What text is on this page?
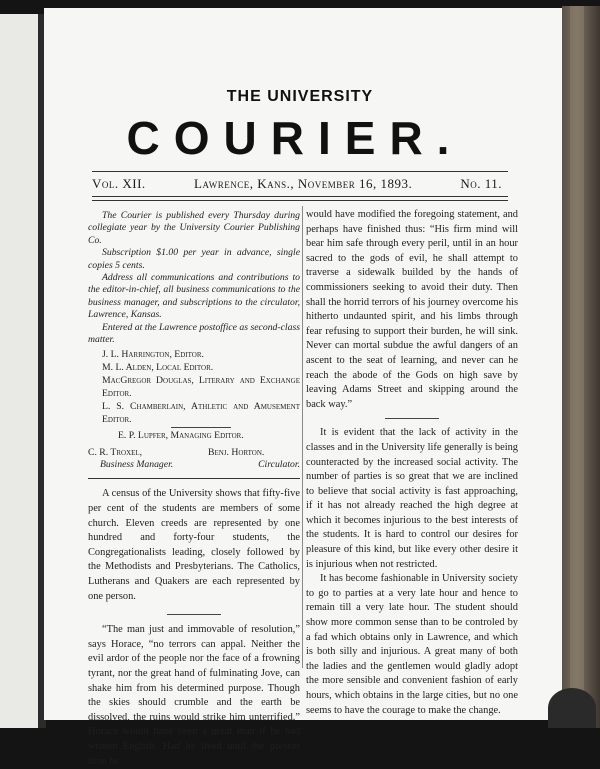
THE UNIVERSITY
COURIER.
Vol. XII.	Lawrence, Kans., November 16, 1893.	No. 11.

The Courier is published every Thursday during collegiate year by the University Courier Publishing Co.

Subscription $1.00 per year in advance, single copies 5 cents.

Address all communications and contributions to the editor-in-chief, all business communications to the business manager, and subscriptions to the circulator, Lawrence, Kansas.

Entered at the Lawrence postoffice as second-class matter.

J. L. Harrington, Editor.

M. L. Alden, Local Editor.

MacGregor Douglas, Literary and Exchange Editor.

L. S. Chamberlain, Athletic and Amusement Editor.

E. P. Lupfer, Managing Editor.

C. R. Troxel,
Business Manager.
Benj. Horton.
Circulator.

A census of the University shows that fifty-five per cent of the students are members of some church. Eleven creeds are represented by one hundred and forty-four students, the Congregationalists leading, closely followed by the Methodists and Presbyterians. The Catholics, Lutherans and Quakers are each represented by one person.

“The man just and immovable of resolution,” says Horace, “no terrors can appal. Neither the evil ardor of the people nor the face of a frowning tyrant, nor the great hand of fulminating Jove, can shake him from his determined purpose. Though the skies should crumble and the earth be dissolved, the ruins would strike him unterrified.” Horace would have been a great man if he had written English. Had he lived until the present time he

would have modified the foregoing statement, and perhaps have finished thus: “His firm mind will bear him safe through every peril, until in an hour sacred to the gods of evil, he shall attempt to traverse a sidewalk builded by the hands of commissioners seeking to avoid their duty. Then shall the horrid terrors of his journey overcome his hitherto undaunted spirit, and his limbs through fear refusing to support their burden, he will sink. Never can mortal subdue the awful dangers of an ascent to the seat of learning, and never can he reach the abode of the Gods on high save by leaving Adams Street and skipping around the back way.”

It is evident that the lack of activity in the classes and in the University life generally is being counteracted by the increased social activity. The number of parties is so great that we are inclined to believe that social activity is fast approaching, if it has not already reached the high degree at which it becomes injurious to the best interests of the students. It is hard to control our desires for pleasure of this kind, but like every other desire it is injurious when not restricted.

It has become fashionable in University society to go to parties at a very late hour and hence to remain till a very late hour. The student should show more common sense than to be controled by a fad which obtains only in Lawrence, and which is both silly and injurious. A great many of both the ladies and the gentlemen would gladly adopt the more sensible and convenient fashion of early hours, which obtains in the large cities, but no one seems to have the courage to make the change.
